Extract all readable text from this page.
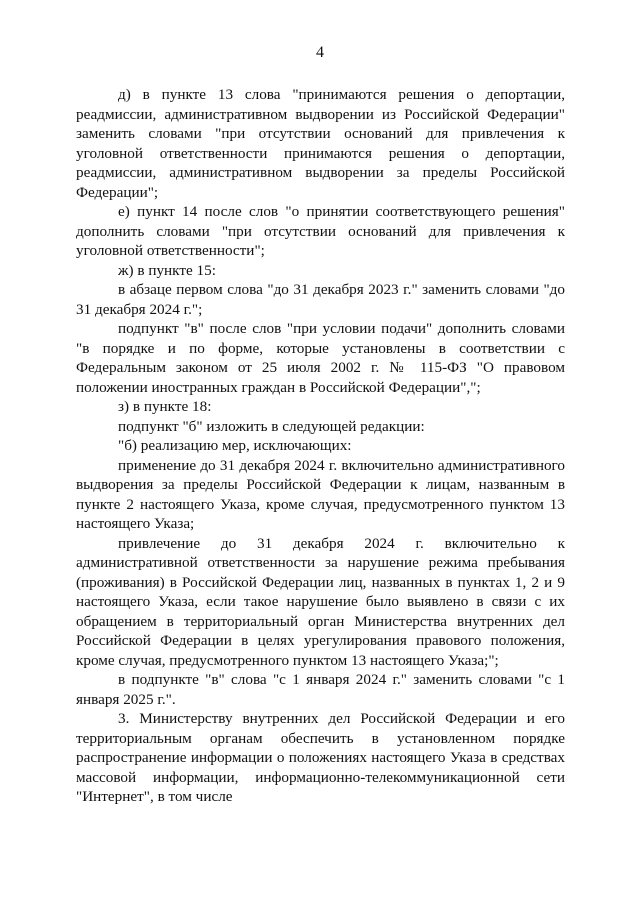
4

д) в пункте 13 слова "принимаются решения о депортации, реадмиссии, административном выдворении из Российской Федерации" заменить словами "при отсутствии оснований для привлечения к уголовной ответственности принимаются решения о депортации, реадмиссии, административном выдворении за пределы Российской Федерации";

е) пункт 14 после слов "о принятии соответствующего решения" дополнить словами "при отсутствии оснований для привлечения к уголовной ответственности";

ж) в пункте 15:

в абзаце первом слова "до 31 декабря 2023 г." заменить словами "до 31 декабря 2024 г.";

подпункт "в" после слов "при условии подачи" дополнить словами "в порядке и по форме, которые установлены в соответствии с Федеральным законом от 25 июля 2002 г. № 115-ФЗ "О правовом положении иностранных граждан в Российской Федерации",";

з) в пункте 18:

подпункт "б" изложить в следующей редакции:

"б) реализацию мер, исключающих:

применение до 31 декабря 2024 г. включительно административного выдворения за пределы Российской Федерации к лицам, названным в пункте 2 настоящего Указа, кроме случая, предусмотренного пунктом 13 настоящего Указа;

привлечение до 31 декабря 2024 г. включительно к административной ответственности за нарушение режима пребывания (проживания) в Российской Федерации лиц, названных в пунктах 1, 2 и 9 настоящего Указа, если такое нарушение было выявлено в связи с их обращением в территориальный орган Министерства внутренних дел Российской Федерации в целях урегулирования правового положения, кроме случая, предусмотренного пунктом 13 настоящего Указа;";

в подпункте "в" слова "с 1 января 2024 г." заменить словами "с 1 января 2025 г.".

3. Министерству внутренних дел Российской Федерации и его территориальным органам обеспечить в установленном порядке распространение информации о положениях настоящего Указа в средствах массовой информации, информационно-телекоммуникационной сети "Интернет", в том числе
